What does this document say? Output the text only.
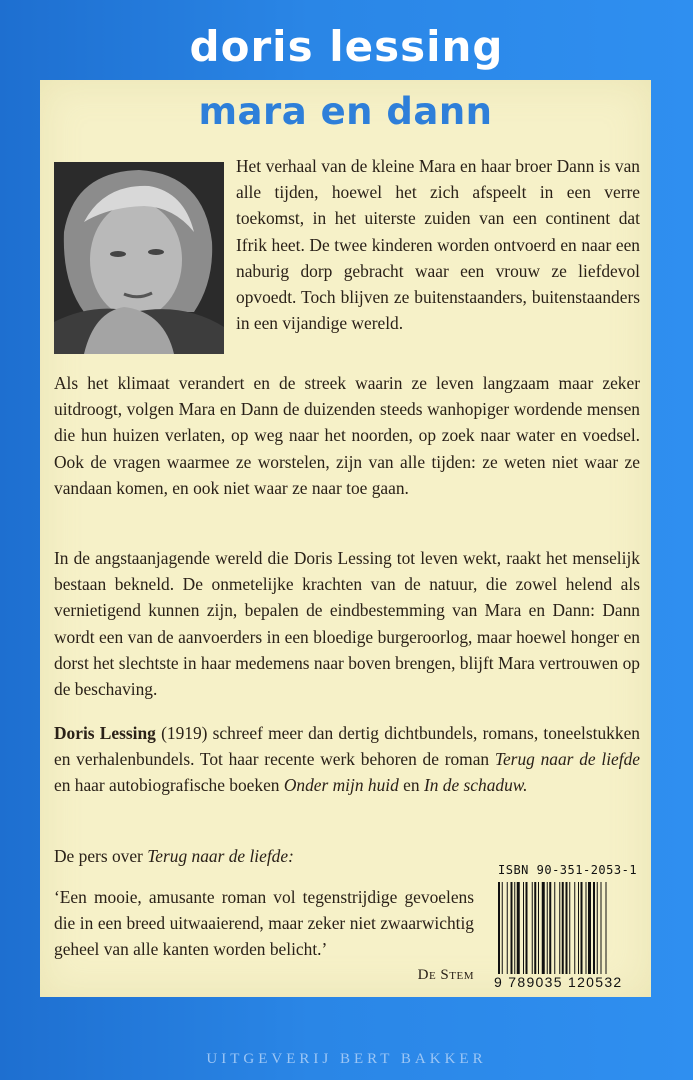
doris lessing
mara en dann
Het verhaal van de kleine Mara en haar broer Dann is van alle tijden, hoewel het zich afspeelt in een verre toekomst, in het uiterste zuiden van een continent dat Ifrik heet. De twee kinderen worden ontvoerd en naar een naburig dorp gebracht waar een vrouw ze liefdevol opvoedt. Toch blijven ze buitenstaanders, buitenstaanders in een vijandige wereld.
Als het klimaat verandert en de streek waarin ze leven langzaam maar zeker uitdroogt, volgen Mara en Dann de duizenden steeds wanhopiger wordende mensen die hun huizen verlaten, op weg naar het noorden, op zoek naar water en voedsel. Ook de vragen waarmee ze worstelen, zijn van alle tijden: ze weten niet waar ze vandaan komen, en ook niet waar ze naar toe gaan.
In de angstaanjagende wereld die Doris Lessing tot leven wekt, raakt het menselijk bestaan bekneld. De onmetelijke krachten van de natuur, die zowel helend als vernietigend kunnen zijn, bepalen de eindbestemming van Mara en Dann: Dann wordt een van de aanvoerders in een bloedige burgeroorlog, maar hoewel honger en dorst het slechtste in haar medemens naar boven brengen, blijft Mara vertrouwen op de beschaving.
Doris Lessing (1919) schreef meer dan dertig dichtbundels, romans, toneelstukken en verhalenbundels. Tot haar recente werk behoren de roman Terug naar de liefde en haar autobiografische boeken Onder mijn huid en In de schaduw.
De pers over Terug naar de liefde:
‘Een mooie, amusante roman vol tegenstrijdige gevoelens die in een breed uitwaaierend, maar zeker niet zwaarwichtig geheel van alle kanten worden belicht.’
De Stem
ISBN 90-351-2053-1
9 789035 120532
UITGEVERIJ BERT BAKKER
